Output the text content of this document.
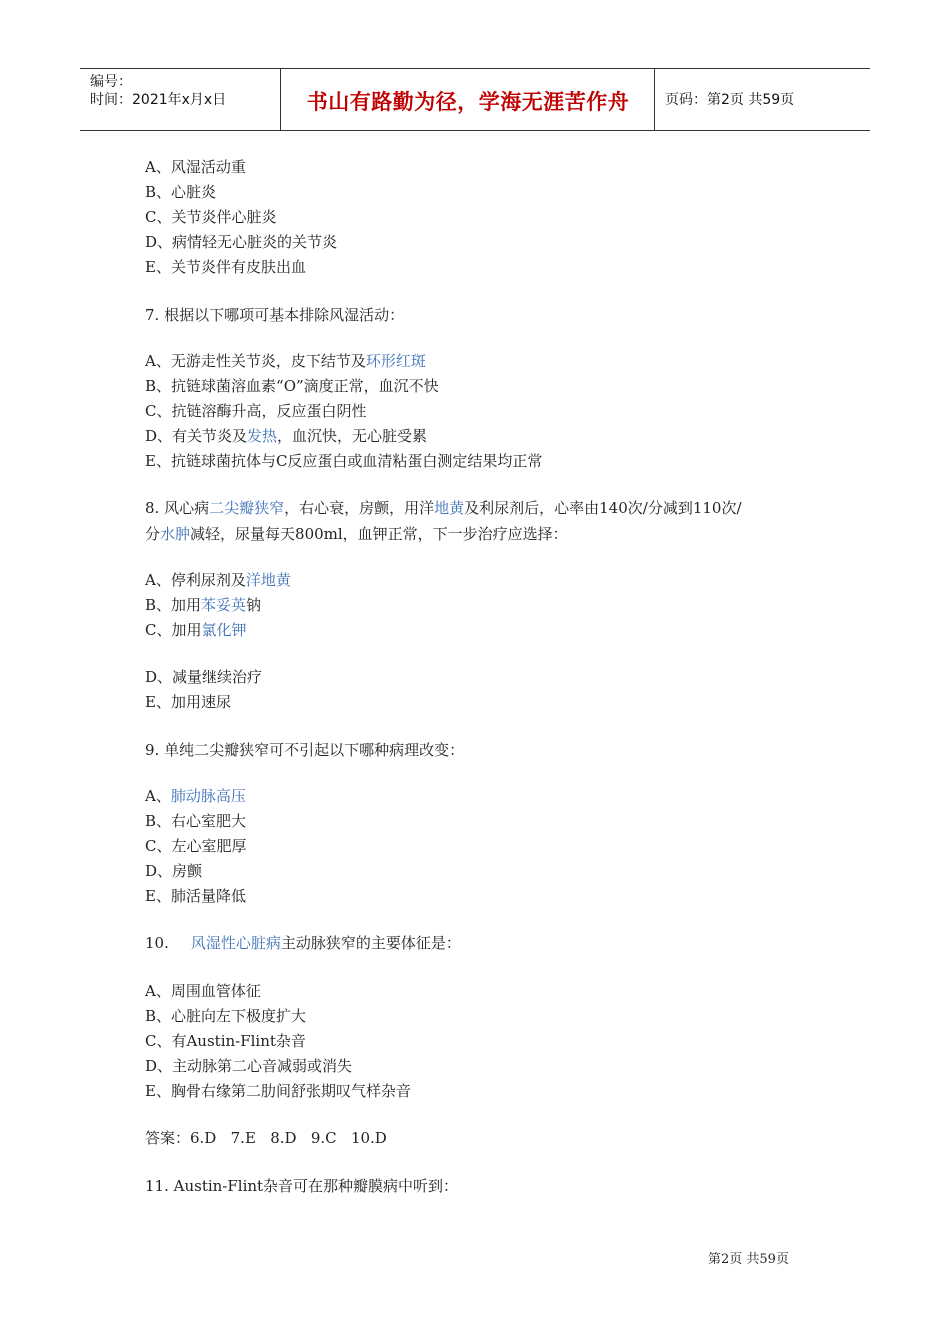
编号：
时间：2021年x月x日	书山有路勤为径，学海无涯苦作舟	页码：第2页 共59页
A、风湿活动重
B、心脏炎
C、关节炎伴心脏炎
D、病情轻无心脏炎的关节炎
E、关节炎伴有皮肤出血
7. 根据以下哪项可基本排除风湿活动：
A、无游走性关节炎，皮下结节及环形红斑
B、抗链球菌溶血素“O”滴度正常，血沉不快
C、抗链溶酶升高，反应蛋白阴性
D、有关节炎及发热，血沉快，无心脏受累
E、抗链球菌抗体与C反应蛋白或血清粘蛋白测定结果均正常
8. 风心病二尖瓣狭窄，右心衰，房颤，用洋地黄及利尿剂后，心率由140次/分减到110次/
分水肿减轻，尿量每天800ml，血钾正常，下一步治疗应选择：
A、停利尿剂及洋地黄
B、加用苯妥英钠
C、加用氯化钾
D、减量继续治疗
E、加用速尿
9. 单纯二尖瓣狭窄可不引起以下哪种病理改变：
A、肺动脉高压
B、右心室肥大
C、左心室肥厚
D、房颤
E、肺活量降低
10. 风湿性心脏病主动脉狭窄的主要体征是：
A、周围血管体征
B、心脏向左下极度扩大
C、有Austin-Flint杂音
D、主动脉第二心音减弱或消失
E、胸骨右缘第二肋间舒张期叹气样杂音
答案：6.D   7.E   8.D   9.C   10.D
11. Austin-Flint杂音可在那种瓣膜病中听到：
第2页 共59页
